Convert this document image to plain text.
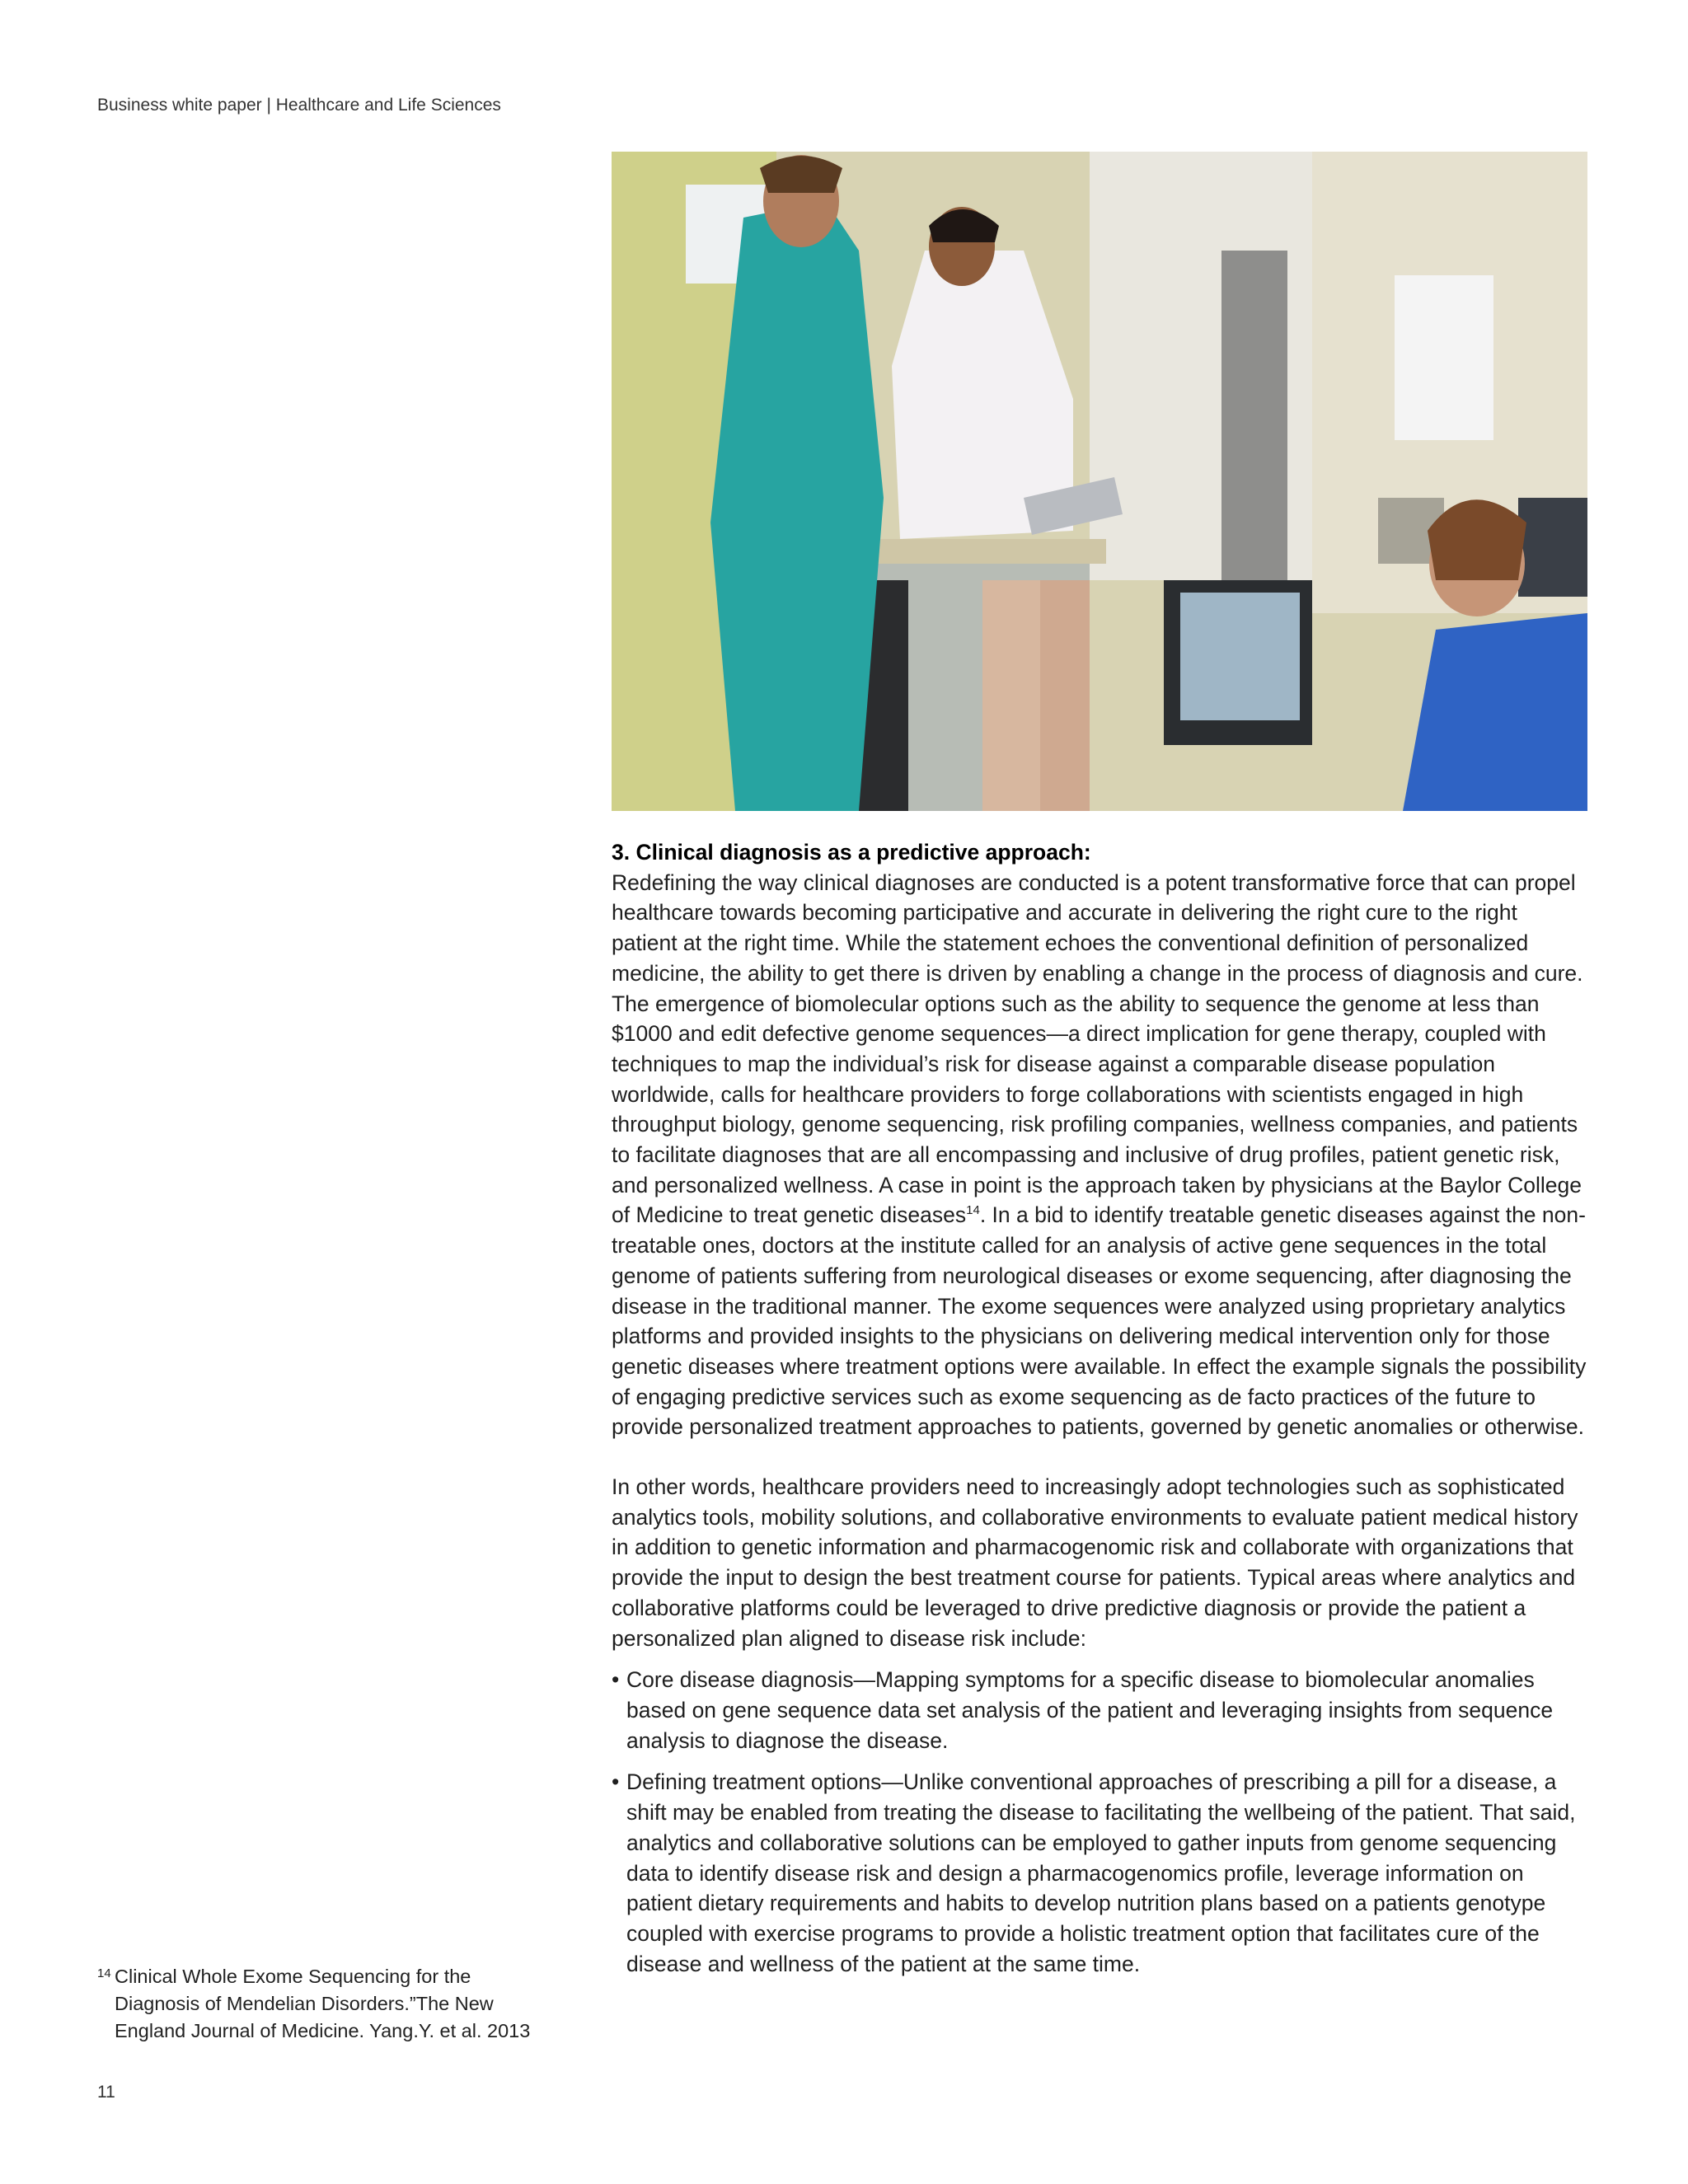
Business white paper | Healthcare and Life Sciences
3. Clinical diagnosis as a predictive approach:

Redefining the way clinical diagnoses are conducted is a potent transformative force that can propel healthcare towards becoming participative and accurate in delivering the right cure to the right patient at the right time. While the statement echoes the conventional definition of personalized medicine, the ability to get there is driven by enabling a change in the process of diagnosis and cure. The emergence of biomolecular options such as the ability to sequence the genome at less than $1000 and edit defective genome sequences—a direct implication for gene therapy, coupled with techniques to map the individual’s risk for disease against a comparable disease population worldwide, calls for healthcare providers to forge collaborations with scientists engaged in high throughput biology, genome sequencing, risk profiling companies, wellness companies, and patients to facilitate diagnoses that are all encompassing and inclusive of drug profiles, patient genetic risk, and personalized wellness. A case in point is the approach taken by physicians at the Baylor College of Medicine to treat genetic diseases$^{14}$. In a bid to identify treatable genetic diseases against the non-treatable ones, doctors at the institute called for an analysis of active gene sequences in the total genome of patients suffering from neurological diseases or exome sequencing, after diagnosing the disease in the traditional manner. The exome sequences were analyzed using proprietary analytics platforms and provided insights to the physicians on delivering medical intervention only for those genetic diseases where treatment options were available. In effect the example signals the possibility of engaging predictive services such as exome sequencing as de facto practices of the future to provide personalized treatment approaches to patients, governed by genetic anomalies or otherwise.

In other words, healthcare providers need to increasingly adopt technologies such as sophisticated analytics tools, mobility solutions, and collaborative environments to evaluate patient medical history in addition to genetic information and pharmacogenomic risk and collaborate with organizations that provide the input to design the best treatment course for patients. Typical areas where analytics and collaborative platforms could be leveraged to drive predictive diagnosis or provide the patient a personalized plan aligned to disease risk include:

• Core disease diagnosis—Mapping symptoms for a specific disease to biomolecular anomalies based on gene sequence data set analysis of the patient and leveraging insights from sequence analysis to diagnose the disease.
• Defining treatment options—Unlike conventional approaches of prescribing a pill for a disease, a shift may be enabled from treating the disease to facilitating the wellbeing of the patient. That said, analytics and collaborative solutions can be employed to gather inputs from genome sequencing data to identify disease risk and design a pharmacogenomics profile, leverage information on patient dietary requirements and habits to develop nutrition plans based on a patients genotype coupled with exercise programs to provide a holistic treatment option that facilitates cure of the disease and wellness of the patient at the same time.
14 Clinical Whole Exome Sequencing for the Diagnosis of Mendelian Disorders.”The New England Journal of Medicine. Yang.Y. et al. 2013
11
